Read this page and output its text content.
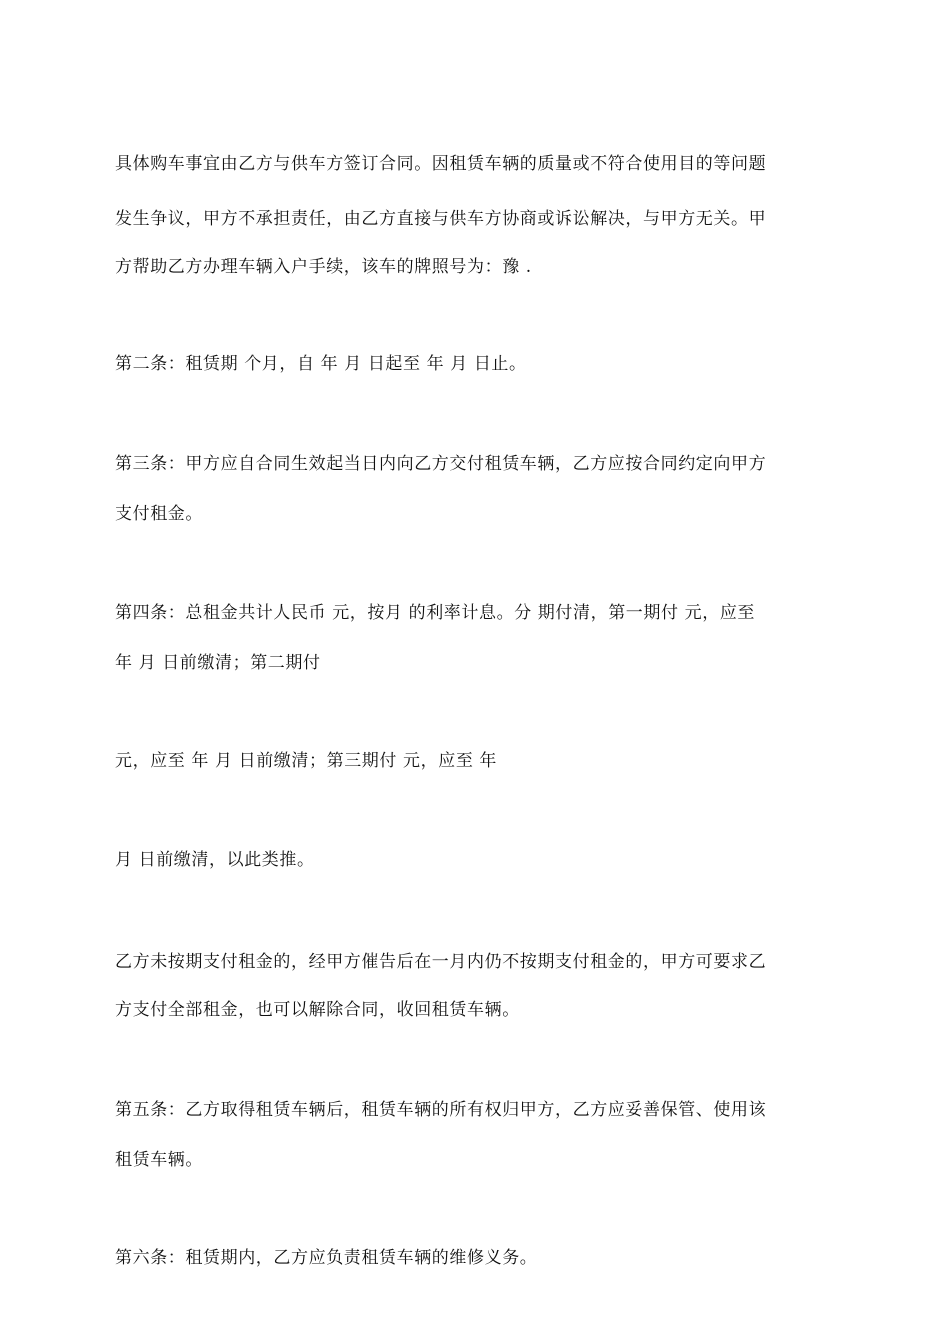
具体购车事宜由乙方与供车方签订合同。因租赁车辆的质量或不符合使用目的等问题
发生争议，甲方不承担责任，由乙方直接与供车方协商或诉讼解决，与甲方无关。甲
方帮助乙方办理车辆入户手续，该车的牌照号为：豫 .
第二条：租赁期 个月，自 年 月 日起至 年 月 日止。
第三条：甲方应自合同生效起当日内向乙方交付租赁车辆，乙方应按合同约定向甲方
支付租金。
第四条：总租金共计人民币 元，按月 的利率计息。分 期付清，第一期付 元，应至
年 月 日前缴清；第二期付
元，应至 年 月 日前缴清；第三期付 元，应至 年
月 日前缴清，以此类推。
乙方未按期支付租金的，经甲方催告后在一月内仍不按期支付租金的，甲方可要求乙
方支付全部租金，也可以解除合同，收回租赁车辆。
第五条：乙方取得租赁车辆后，租赁车辆的所有权归甲方，乙方应妥善保管、使用该
租赁车辆。
第六条：租赁期内，乙方应负责租赁车辆的维修义务。
